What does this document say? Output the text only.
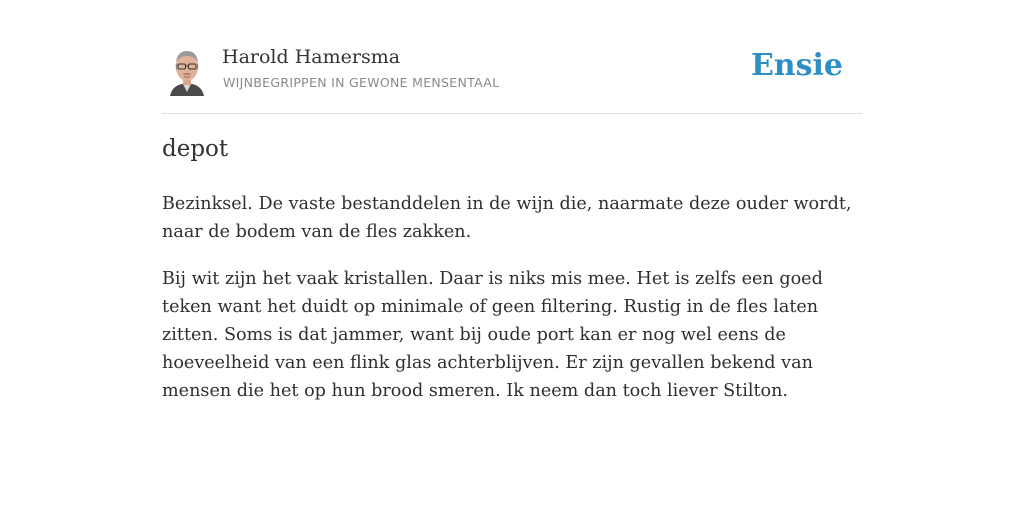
Harold Hamersma
WIJNBEGRIPPEN IN GEWONE MENSENTAAL	Ensie
depot

Bezinksel. De vaste bestanddelen in de wijn die, naarmate deze ouder wordt, naar de bodem van de fles zakken.

Bij wit zijn het vaak kristallen. Daar is niks mis mee. Het is zelfs een goed teken want het duidt op minimale of geen filtering. Rustig in de fles laten zitten. Soms is dat jammer, want bij oude port kan er nog wel eens de hoeveelheid van een flink glas achterblijven. Er zijn gevallen bekend van mensen die het op hun brood smeren. Ik neem dan toch liever Stilton.
